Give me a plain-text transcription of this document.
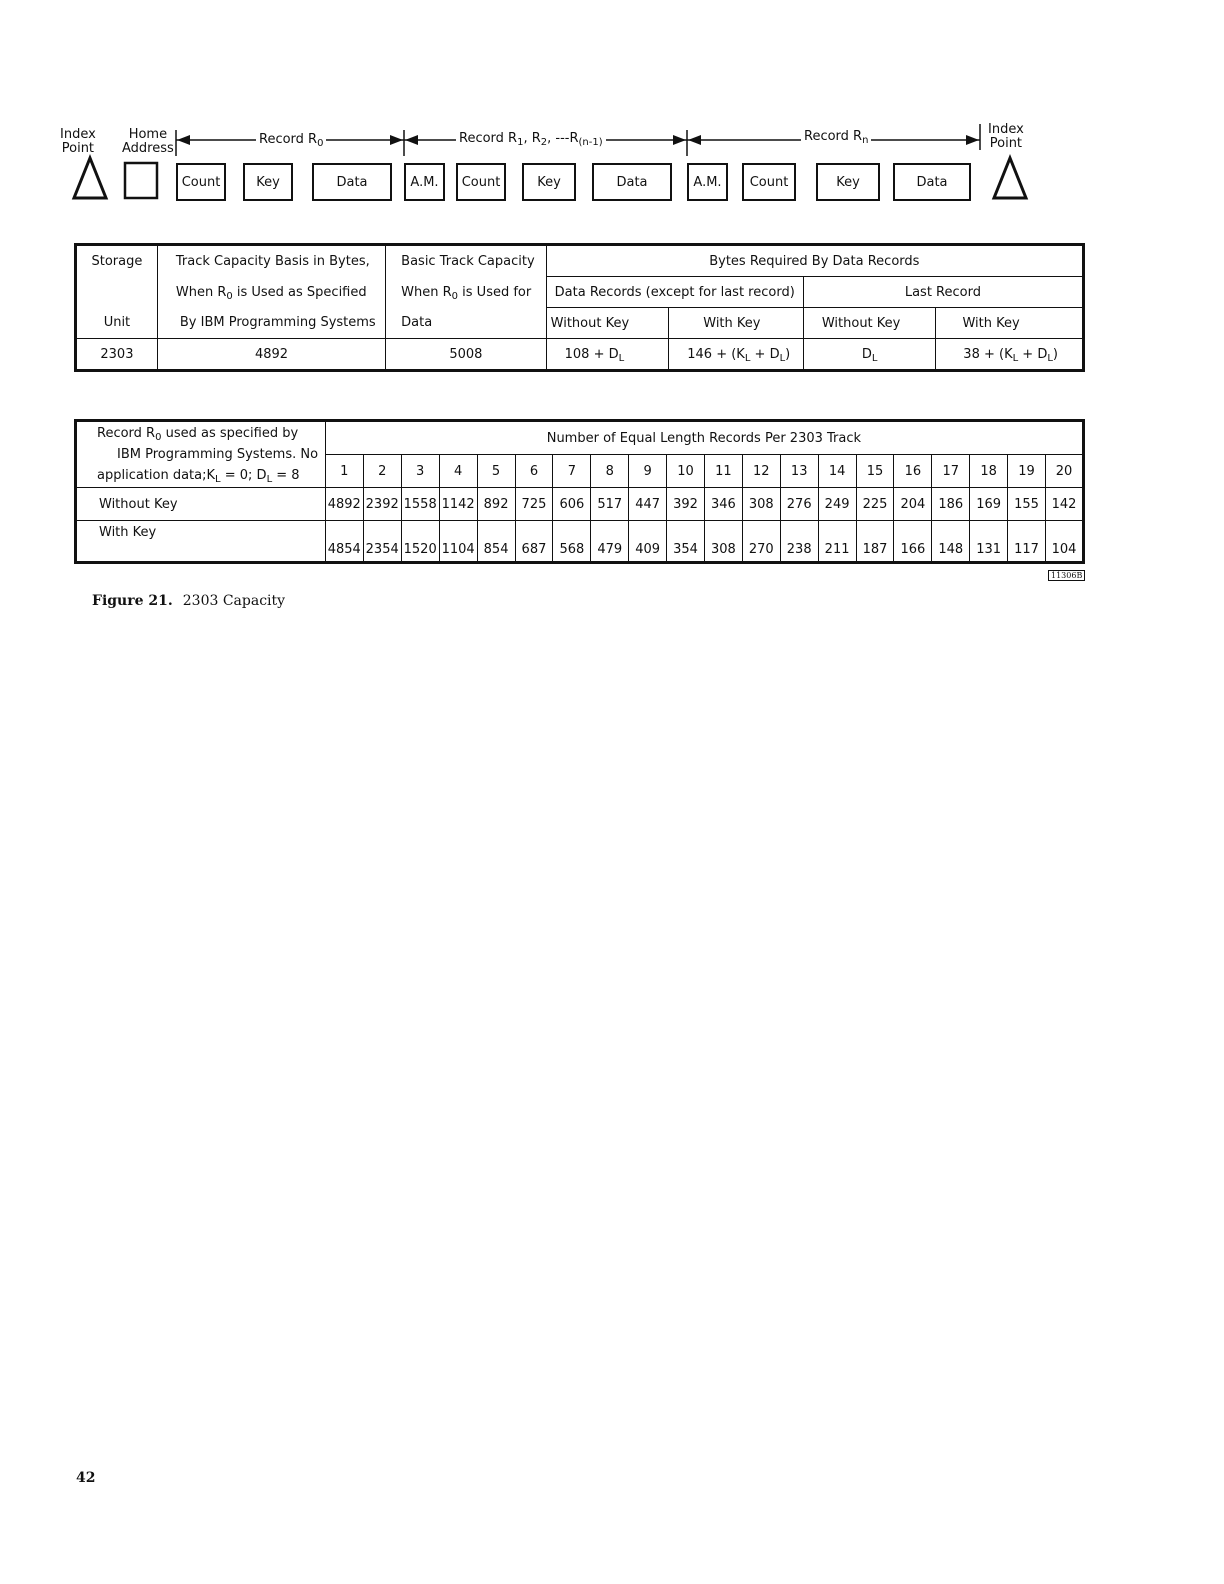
Index
Point
Home
Address
Index
Point
Record $R_0$	Record $R_1$, $R_2$, $---R_{(n-1)}$	Record $R_n$
Count	Key	Data	A.M.	Count	Key	Data	A.M.	Count	Key	Data
Storage	Track Capacity Basis in Bytes,	Basic Track Capacity	Bytes Required By Data Records			
	When $R_0$ is Used as Specified	When $R_0$ is Used for	Data Records (except for last record)		Last Record	
Unit	By IBM Programming Systems	Data	Without Key	With Key	Without Key	With Key
2303	4892	5008	$108 + D_L$	$146 + (K_L + D_L)$	$D_L$	$38 + (K_L + D_L)$
Record $R_0$ used as specified by
IBM Programming Systems. No
application $data;K_L = 0$; $D_L = 8$	Number of Equal Length Records Per 2303 Track																			
	1	2	3	4	5	6	7	8	9	10	11	12	13	14	15	16	17	18	19	20
Without Key	4892	2392	1558	1142	892	725	606	517	447	392	346	308	276	249	225	204	186	169	155	142
With Key	4854	2354	1520	1104	854	687	568	479	409	354	308	270	238	211	187	166	148	131	117	104
11306B
Figure 21. 2303 Capacity
42
